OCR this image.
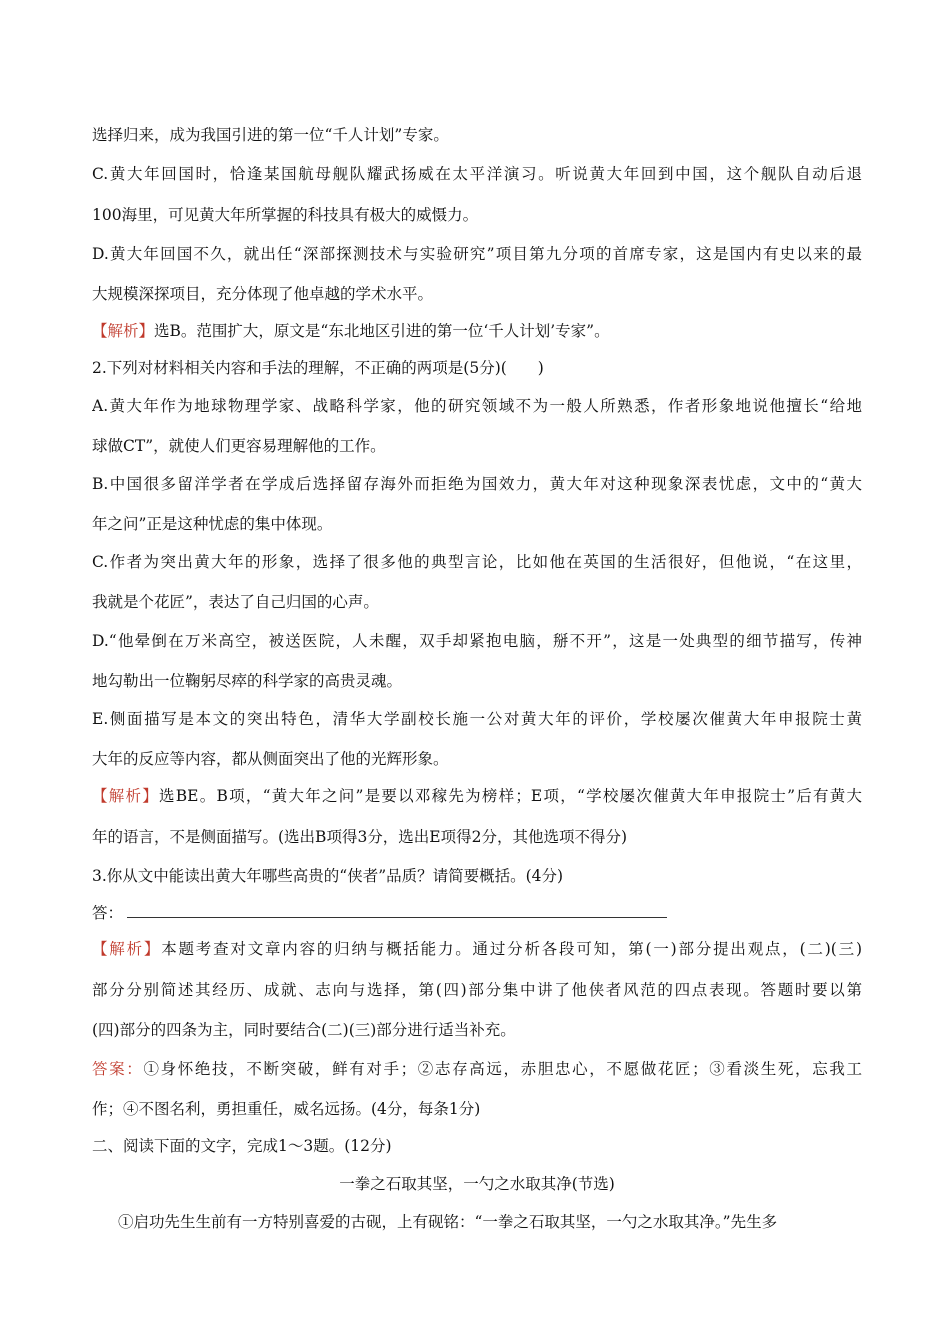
选择归来，成为我国引进的第一位“千人计划”专家。
C.黄大年回国时，恰逢某国航母舰队耀武扬威在太平洋演习。听说黄大年回到中国，这个舰队自动后退
100海里，可见黄大年所掌握的科技具有极大的威慑力。
D.黄大年回国不久，就出任“深部探测技术与实验研究”项目第九分项的首席专家，这是国内有史以来的最
大规模深探项目，充分体现了他卓越的学术水平。
【解析】选B。范围扩大，原文是“东北地区引进的第一位‘千人计划’专家”。
2.下列对材料相关内容和手法的理解，不正确的两项是(5分)(　　)
A.黄大年作为地球物理学家、战略科学家，他的研究领域不为一般人所熟悉，作者形象地说他擅长“给地
球做CT”，就使人们更容易理解他的工作。
B.中国很多留洋学者在学成后选择留存海外而拒绝为国效力，黄大年对这种现象深表忧虑，文中的“黄大
年之问”正是这种忧虑的集中体现。
C.作者为突出黄大年的形象，选择了很多他的典型言论，比如他在英国的生活很好，但他说，“在这里，
我就是个花匠”，表达了自己归国的心声。
D.“他晕倒在万米高空，被送医院，人未醒，双手却紧抱电脑，掰不开”，这是一处典型的细节描写，传神
地勾勒出一位鞠躬尽瘁的科学家的高贵灵魂。
E.侧面描写是本文的突出特色，清华大学副校长施一公对黄大年的评价，学校屡次催黄大年申报院士黄
大年的反应等内容，都从侧面突出了他的光辉形象。
【解析】选BE。B项，“黄大年之问”是要以邓稼先为榜样；E项，“学校屡次催黄大年申报院士”后有黄大
年的语言，不是侧面描写。(选出B项得3分，选出E项得2分，其他选项不得分)
3.你从文中能读出黄大年哪些高贵的“侠者”品质？请简要概括。(4分)
答：
【解析】本题考查对文章内容的归纳与概括能力。通过分析各段可知，第(一)部分提出观点，(二)(三)
部分分别简述其经历、成就、志向与选择，第(四)部分集中讲了他侠者风范的四点表现。答题时要以第
(四)部分的四条为主，同时要结合(二)(三)部分进行适当补充。
答案：①身怀绝技，不断突破，鲜有对手；②志存高远，赤胆忠心，不愿做花匠；③看淡生死，忘我工
作；④不图名利，勇担重任，威名远扬。(4分，每条1分)
二、阅读下面的文字，完成1～3题。(12分)
一拳之石取其坚，一勺之水取其净(节选)
①启功先生生前有一方特别喜爱的古砚，上有砚铭：“一拳之石取其坚，一勺之水取其净。”先生多
